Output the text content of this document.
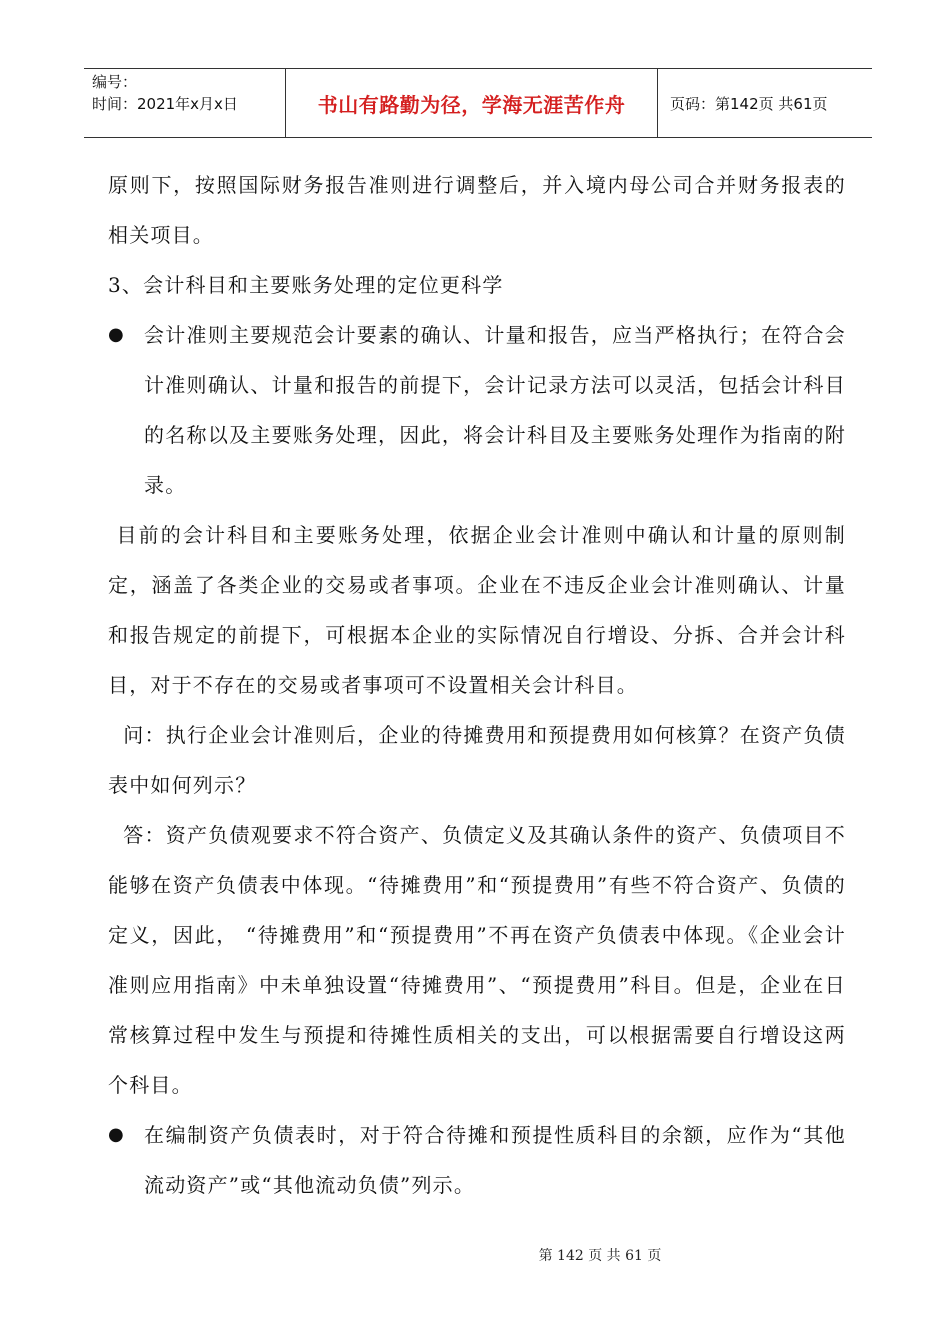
编号：
时间：2021年x月x日	书山有路勤为径，学海无涯苦作舟	页码：第142页 共61页

原则下，按照国际财务报告准则进行调整后，并入境内母公司合并财务报表的相关项目。

3、会计科目和主要账务处理的定位更科学

●	会计准则主要规范会计要素的确认、计量和报告，应当严格执行；在符合会计准则确认、计量和报告的前提下，会计记录方法可以灵活，包括会计科目的名称以及主要账务处理，因此，将会计科目及主要账务处理作为指南的附录。

目前的会计科目和主要账务处理，依据企业会计准则中确认和计量的原则制定，涵盖了各类企业的交易或者事项。企业在不违反企业会计准则确认、计量和报告规定的前提下，可根据本企业的实际情况自行增设、分拆、合并会计科目，对于不存在的交易或者事项可不设置相关会计科目。

问：执行企业会计准则后，企业的待摊费用和预提费用如何核算？在资产负债表中如何列示？

答：资产负债观要求不符合资产、负债定义及其确认条件的资产、负债项目不能够在资产负债表中体现。“待摊费用”和“预提费用”有些不符合资产、负债的定义，因此， “待摊费用”和“预提费用”不再在资产负债表中体现。《企业会计准则应用指南》中未单独设置“待摊费用”、“预提费用”科目。但是，企业在日常核算过程中发生与预提和待摊性质相关的支出，可以根据需要自行增设这两个科目。

●	在编制资产负债表时，对于符合待摊和预提性质科目的余额，应作为“其他流动资产”或“其他流动负债”列示。

第 142 页 共 61 页
